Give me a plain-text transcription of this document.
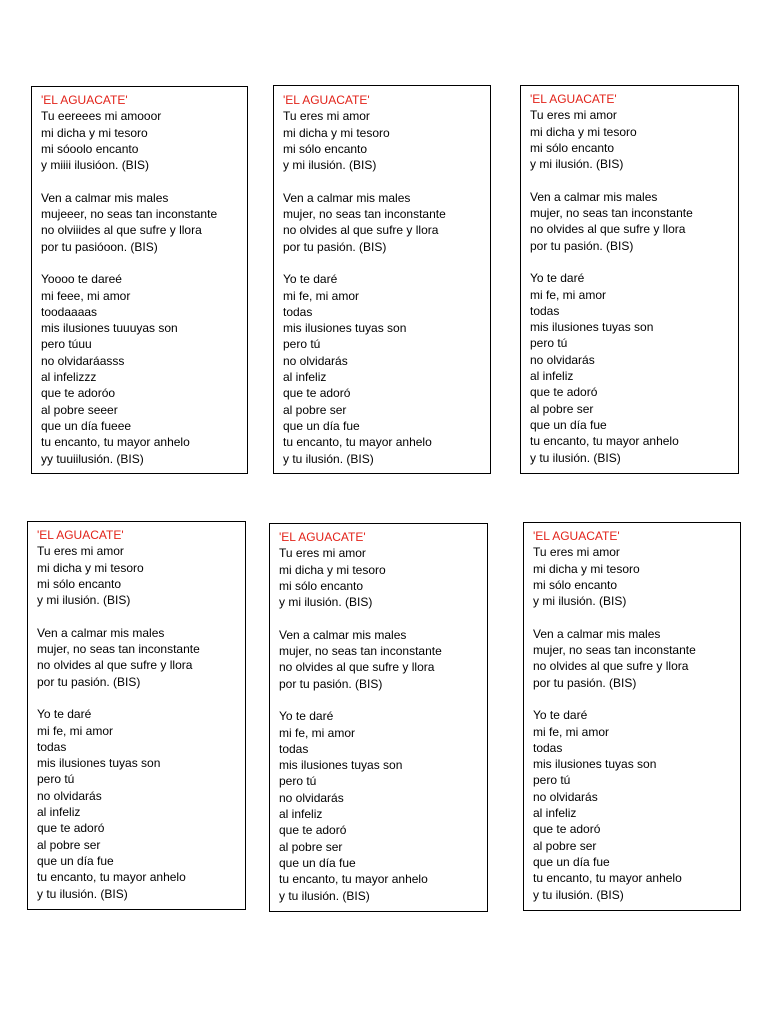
'EL AGUACATE'
Tu eereees mi amooor
mi dicha y mi tesoro
mi sóoolo encanto
y miiii ilusióon. (BIS)
Ven a calmar mis males
mujeeer, no seas tan inconstante
no olviiides al que sufre y llora
por tu pasióoon. (BIS)
Yoooo te dareé
mi feee, mi amor
toodaaaas
mis ilusiones tuuuyas son
pero túuu
no olvidaráasss
al infelizzz
que te adoróo
al pobre seeer
que un día fueee
tu encanto, tu mayor anhelo
yy tuuiilusión. (BIS)
'EL AGUACATE'
Tu eres mi amor
mi dicha y mi tesoro
mi sólo encanto
y mi ilusión. (BIS)
Ven a calmar mis males
mujer, no seas tan inconstante
no olvides al que sufre y llora
por tu pasión. (BIS)
Yo te daré
mi fe, mi amor
todas
mis ilusiones tuyas son
pero tú
no olvidarás
al infeliz
que te adoró
al pobre ser
que un día fue
tu encanto, tu mayor anhelo
y tu ilusión. (BIS)
'EL AGUACATE'
Tu eres mi amor
mi dicha y mi tesoro
mi sólo encanto
y mi ilusión. (BIS)
Ven a calmar mis males
mujer, no seas tan inconstante
no olvides al que sufre y llora
por tu pasión. (BIS)
Yo te daré
mi fe, mi amor
todas
mis ilusiones tuyas son
pero tú
no olvidarás
al infeliz
que te adoró
al pobre ser
que un día fue
tu encanto, tu mayor anhelo
y tu ilusión. (BIS)
'EL AGUACATE'
Tu eres mi amor
mi dicha y mi tesoro
mi sólo encanto
y mi ilusión. (BIS)
Ven a calmar mis males
mujer, no seas tan inconstante
no olvides al que sufre y llora
por tu pasión. (BIS)
Yo te daré
mi fe, mi amor
todas
mis ilusiones tuyas son
pero tú
no olvidarás
al infeliz
que te adoró
al pobre ser
que un día fue
tu encanto, tu mayor anhelo
y tu ilusión. (BIS)
'EL AGUACATE'
Tu eres mi amor
mi dicha y mi tesoro
mi sólo encanto
y mi ilusión. (BIS)
Ven a calmar mis males
mujer, no seas tan inconstante
no olvides al que sufre y llora
por tu pasión. (BIS)
Yo te daré
mi fe, mi amor
todas
mis ilusiones tuyas son
pero tú
no olvidarás
al infeliz
que te adoró
al pobre ser
que un día fue
tu encanto, tu mayor anhelo
y tu ilusión. (BIS)
'EL AGUACATE'
Tu eres mi amor
mi dicha y mi tesoro
mi sólo encanto
y mi ilusión. (BIS)
Ven a calmar mis males
mujer, no seas tan inconstante
no olvides al que sufre y llora
por tu pasión. (BIS)
Yo te daré
mi fe, mi amor
todas
mis ilusiones tuyas son
pero tú
no olvidarás
al infeliz
que te adoró
al pobre ser
que un día fue
tu encanto, tu mayor anhelo
y tu ilusión. (BIS)
